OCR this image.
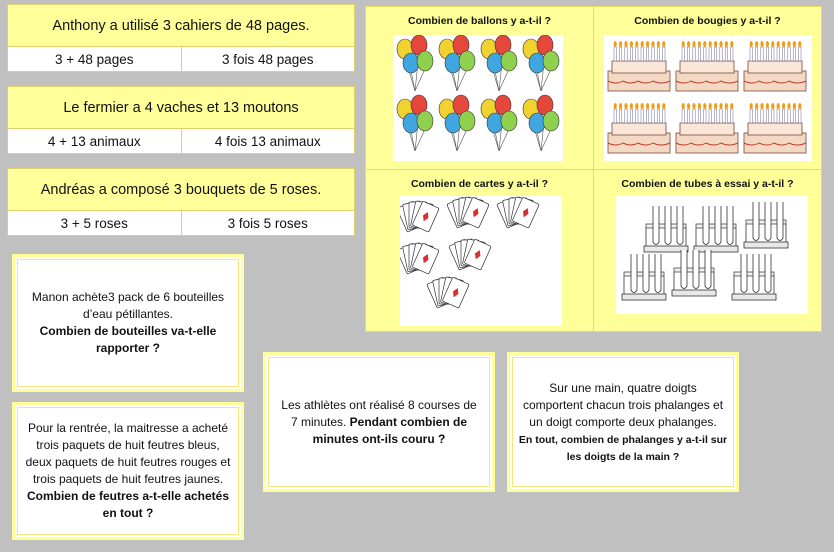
Anthony a utilisé 3 cahiers de 48 pages.
3 + 48 pages	3 fois 48 pages
Le fermier a 4 vaches et 13 moutons
4 + 13 animaux	4 fois 13 animaux
Andréas a composé 3 bouquets de 5 roses.
3 + 5 roses	3 fois 5 roses
Combien de ballons y a-t-il ?	Combien de bougies y a-t-il ?
Combien de cartes y a-t-il ?	Combien de tubes à essai y a-t-il ?
Manon achète3 pack de 6 bouteilles d’eau pétillantes.
Combien de bouteilles va-t-elle rapporter ?
Pour la rentrée, la maitresse a acheté trois paquets de huit feutres bleus, deux paquets de huit feutres rouges et trois paquets de huit feutres jaunes. Combien de feutres a-t-elle achetés en tout ?
Les athlètes ont réalisé 8 courses de 7 minutes. Pendant combien de minutes ont-ils couru ?
Sur une main, quatre doigts comportent chacun trois phalanges et un doigt comporte deux phalanges.
En tout, combien de phalanges y a-t-il sur les doigts de la main ?
